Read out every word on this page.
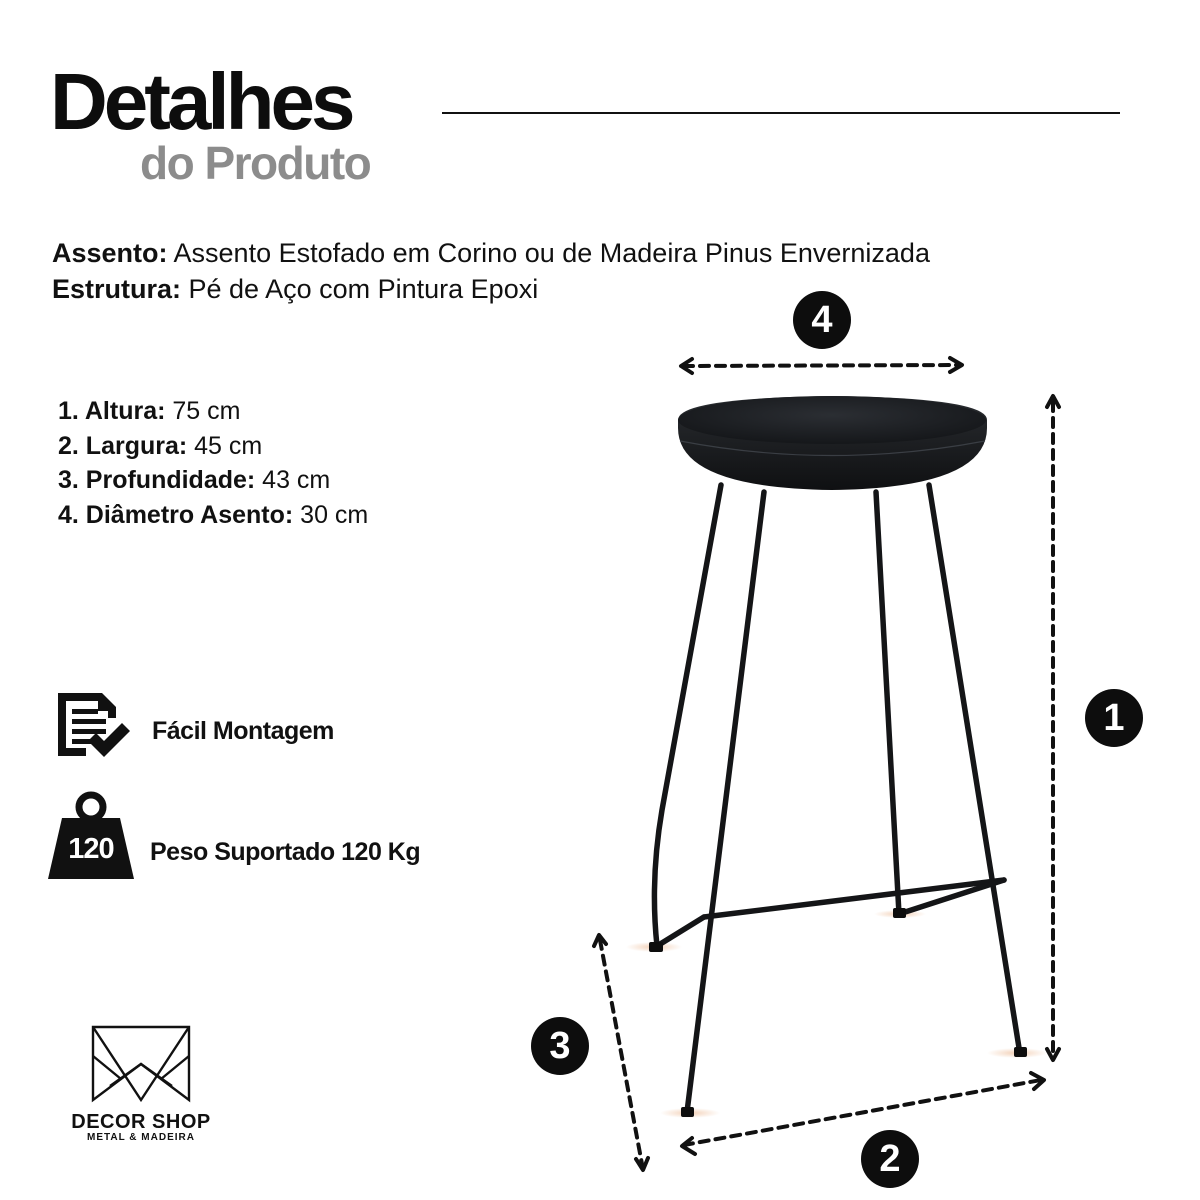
Detalhes
do Produto
Assento: Assento Estofado em Corino ou de Madeira Pinus Envernizada
Estrutura: Pé de Aço com Pintura Epoxi
1. Altura: 75 cm
2. Largura: 45 cm
3. Profundidade: 43 cm
4. Diâmetro Asento: 30 cm
Fácil Montagem
120	Peso Suportado 120 Kg
4
1
3
2
DECOR SHOP
METAL & MADEIRA
